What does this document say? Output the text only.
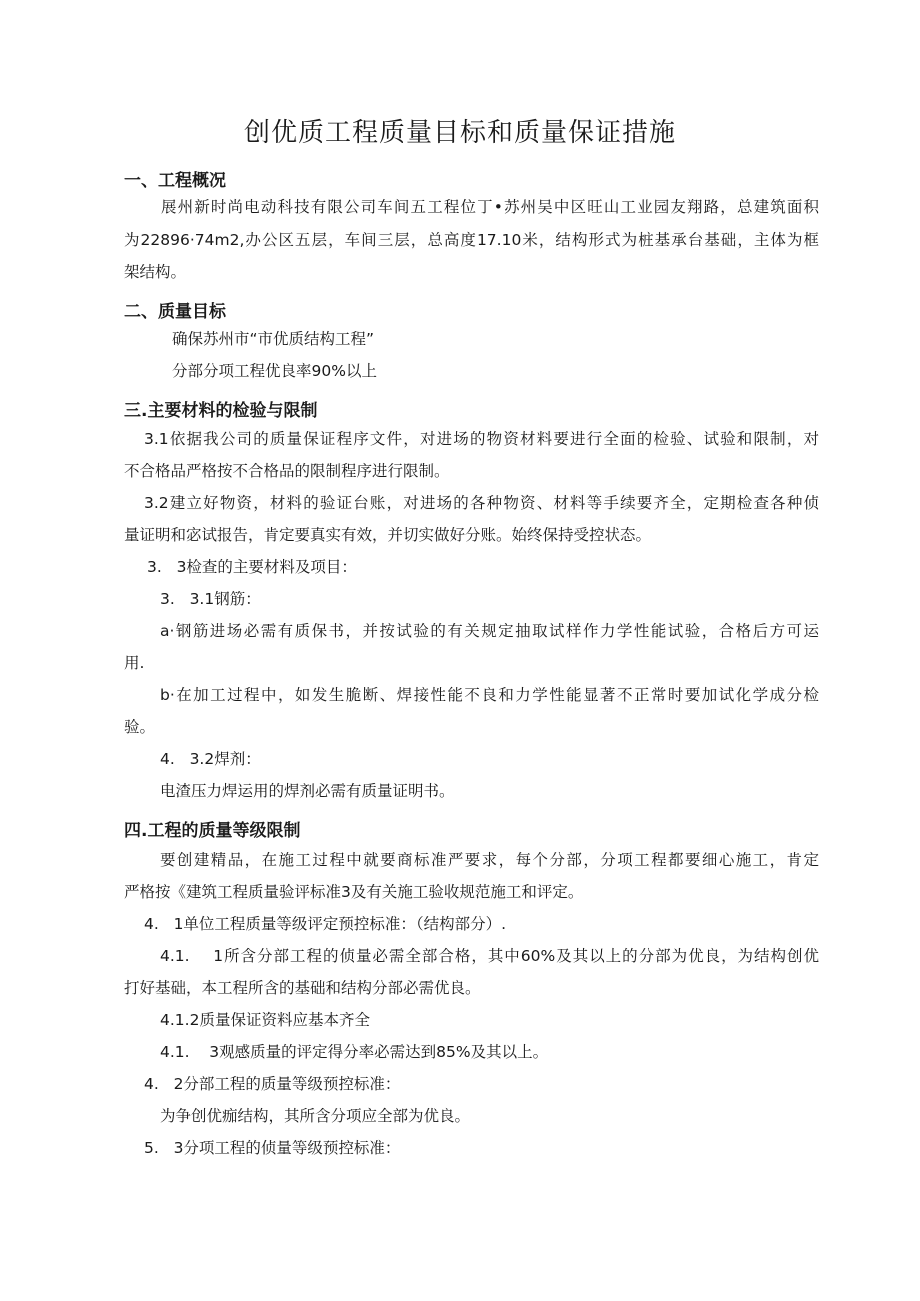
创优质工程质量目标和质量保证措施
一、工程概况
展州新时尚电动科技有限公司车间五工程位丁•苏州吴中区旺山工业园友翔路，总建筑面积
为22896·74m2,办公区五层，车间三层，总高度17.10米，结构形式为桩基承台基础，主体为框
架结构。
二、质量目标
确保苏州市“市优质结构工程”
分部分项工程优良率90%以上
三.主要材料的检验与限制
3.1依据我公司的质量保证程序文件，对进场的物资材料要进行全面的检验、试验和限制，对
不合格品严格按不合格品的限制程序进行限制。
3.2建立好物资，材料的验证台账，对进场的各种物资、材料等手续要齐全，定期检查各种侦
量证明和宓试报告，肯定要真实有效，并切实做好分账。始终保持受控状态。
3.   3检查的主要材料及项目：
3.   3.1钢筋：
a·钢筋进场必需有质保书，并按试验的有关规定抽取试样作力学性能试验，合格后方可运
用.
b·在加工过程中，如发生脆断、焊接性能不良和力学性能显著不正常时要加试化学成分检
验。
4.   3.2焊剂：
电渣压力焊运用的焊剂必需有质量证明书。
四.工程的质量等级限制
要创建精品，在施工过程中就要商标准严要求，每个分部，分项工程都要细心施工，肯定
严格按《建筑工程质量验评标准3及有关施工验收规范施工和评定。
4.   1单位工程质量等级评定预控标准：（结构部分）.
4.1.    1所含分部工程的侦量必需全部合格，其中60%及其以上的分部为优良，为结构创优
打好基础，本工程所含的基础和结构分部必需优良。
4.1.2质量保证资料应基本齐全
4.1.    3观感质量的评定得分率必需达到85%及其以上。
4.   2分部工程的质量等级预控标准：
为争创优痂结构，其所含分项应全部为优良。
5.   3分项工程的侦量等级预控标准：
